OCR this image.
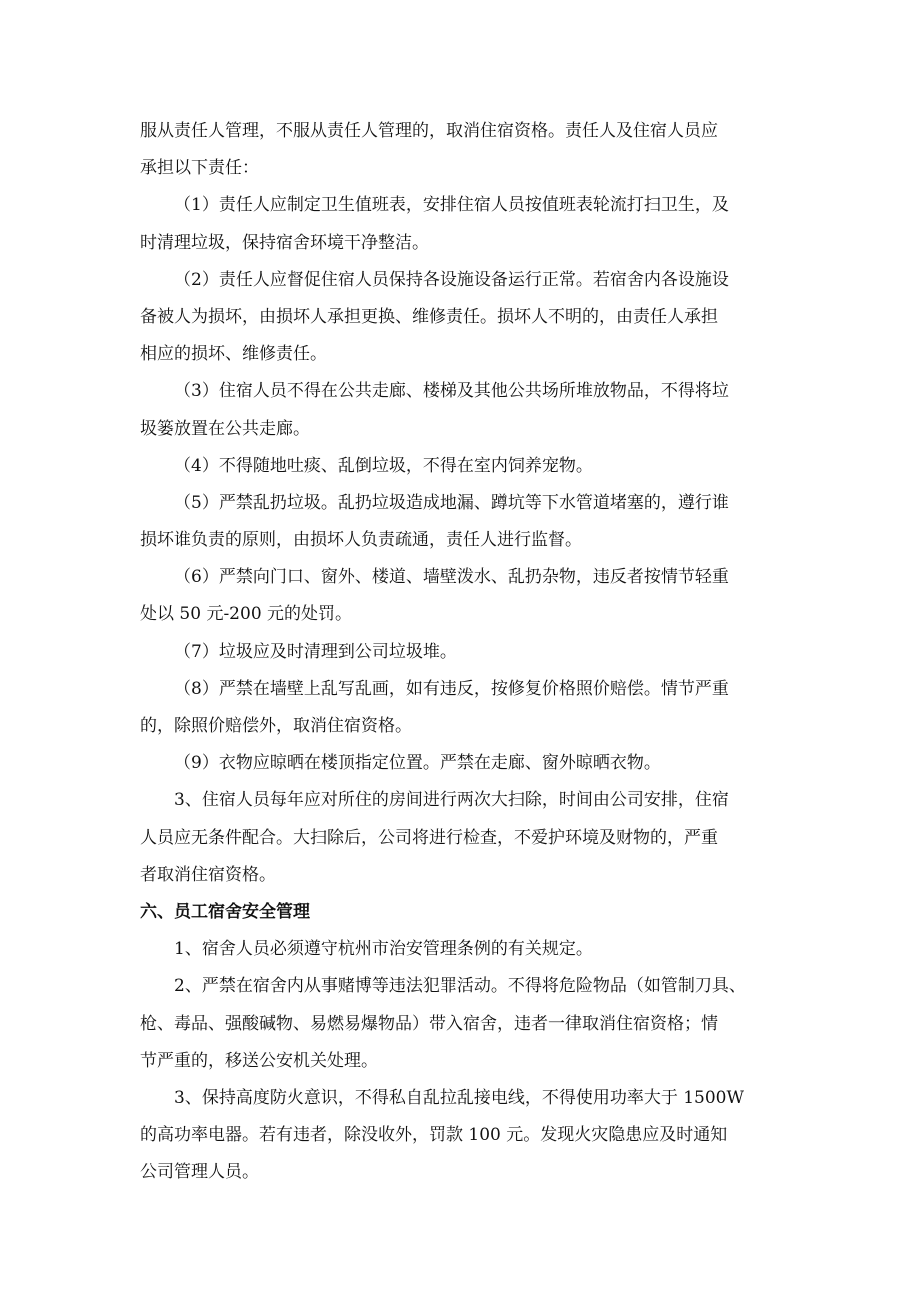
服从责任人管理，不服从责任人管理的，取消住宿资格。责任人及住宿人员应
承担以下责任：
（1）责任人应制定卫生值班表，安排住宿人员按值班表轮流打扫卫生，及
时清理垃圾，保持宿舍环境干净整洁。
（2）责任人应督促住宿人员保持各设施设备运行正常。若宿舍内各设施设
备被人为损坏，由损坏人承担更换、维修责任。损坏人不明的，由责任人承担
相应的损坏、维修责任。
（3）住宿人员不得在公共走廊、楼梯及其他公共场所堆放物品，不得将垃
圾篓放置在公共走廊。
（4）不得随地吐痰、乱倒垃圾，不得在室内饲养宠物。
（5）严禁乱扔垃圾。乱扔垃圾造成地漏、蹲坑等下水管道堵塞的，遵行谁
损坏谁负责的原则，由损坏人负责疏通，责任人进行监督。
（6）严禁向门口、窗外、楼道、墙壁泼水、乱扔杂物，违反者按情节轻重
处以 50 元-200 元的处罚。
（7）垃圾应及时清理到公司垃圾堆。
（8）严禁在墙壁上乱写乱画，如有违反，按修复价格照价赔偿。情节严重
的，除照价赔偿外，取消住宿资格。
（9）衣物应晾晒在楼顶指定位置。严禁在走廊、窗外晾晒衣物。
3、住宿人员每年应对所住的房间进行两次大扫除，时间由公司安排，住宿
人员应无条件配合。大扫除后，公司将进行检查，不爱护环境及财物的，严重
者取消住宿资格。
六、员工宿舍安全管理
1、宿舍人员必须遵守杭州市治安管理条例的有关规定。
2、严禁在宿舍内从事赌博等违法犯罪活动。不得将危险物品（如管制刀具、
枪、毒品、强酸碱物、易燃易爆物品）带入宿舍，违者一律取消住宿资格；情
节严重的，移送公安机关处理。
3、保持高度防火意识，不得私自乱拉乱接电线，不得使用功率大于 1500W
的高功率电器。若有违者，除没收外，罚款 100 元。发现火灾隐患应及时通知
公司管理人员。
